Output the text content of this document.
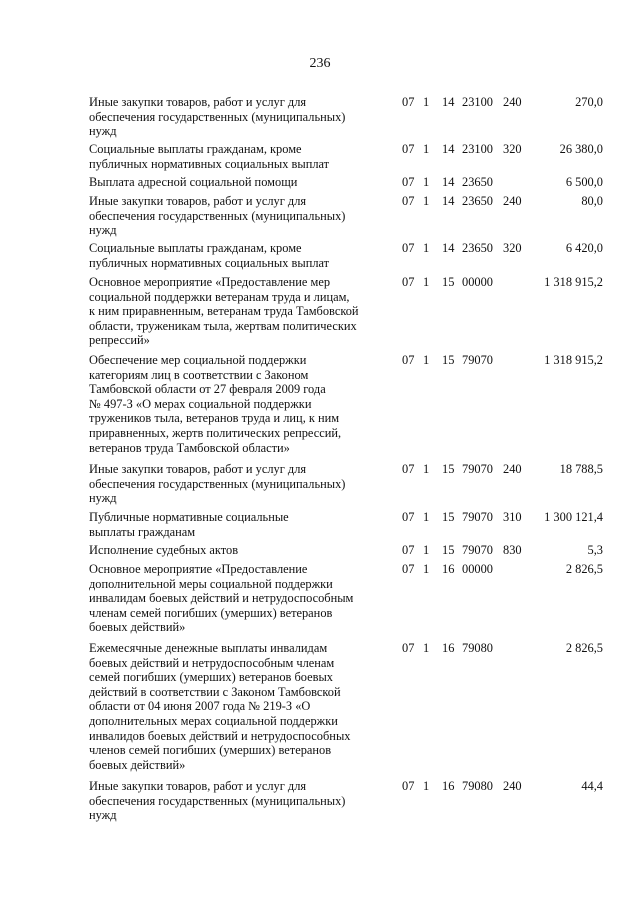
236
Иные закупки товаров, работ и услуг для
обеспечения государственных (муниципальных)
нужд
07 1 14 23100 240	270,0
Социальные выплаты гражданам, кроме
публичных нормативных социальных выплат
07 1 14 23100 320	26 380,0
Выплата адресной социальной помощи	07 1 14 23650	6 500,0
Иные закупки товаров, работ и услуг для
обеспечения государственных (муниципальных)
нужд
07 1 14 23650 240	80,0
Социальные выплаты гражданам, кроме
публичных нормативных социальных выплат
07 1 14 23650 320	6 420,0
Основное мероприятие «Предоставление мер
социальной поддержки ветеранам труда и лицам,
к ним приравненным, ветеранам труда Тамбовской
области, труженикам тыла, жертвам политических
репрессий»
07 1 15 00000	1 318 915,2
Обеспечение мер социальной поддержки
категориям лиц в соответствии с Законом
Тамбовской области от 27 февраля 2009 года
№ 497-З «О мерах социальной поддержки
тружеников тыла, ветеранов труда и лиц, к ним
приравненных, жертв политических репрессий,
ветеранов труда Тамбовской области»
07 1 15 79070	1 318 915,2
Иные закупки товаров, работ и услуг для
обеспечения государственных (муниципальных)
нужд
07 1 15 79070 240	18 788,5
Публичные нормативные социальные
выплаты гражданам
07 1 15 79070 310	1 300 121,4
Исполнение судебных актов	07 1 15 79070 830	5,3
Основное мероприятие «Предоставление
дополнительной меры социальной поддержки
инвалидам боевых действий и нетрудоспособным
членам семей погибших (умерших) ветеранов
боевых действий»
07 1 16 00000	2 826,5
Ежемесячные денежные выплаты инвалидам
боевых действий и нетрудоспособным членам
семей погибших (умерших) ветеранов боевых
действий в соответствии с Законом Тамбовской
области от 04 июня 2007 года № 219-З «О
дополнительных мерах социальной поддержки
инвалидов боевых действий и нетрудоспособных
членов семей погибших (умерших) ветеранов
боевых действий»
07 1 16 79080	2 826,5
Иные закупки товаров, работ и услуг для
обеспечения государственных (муниципальных)
нужд
07 1 16 79080 240	44,4
